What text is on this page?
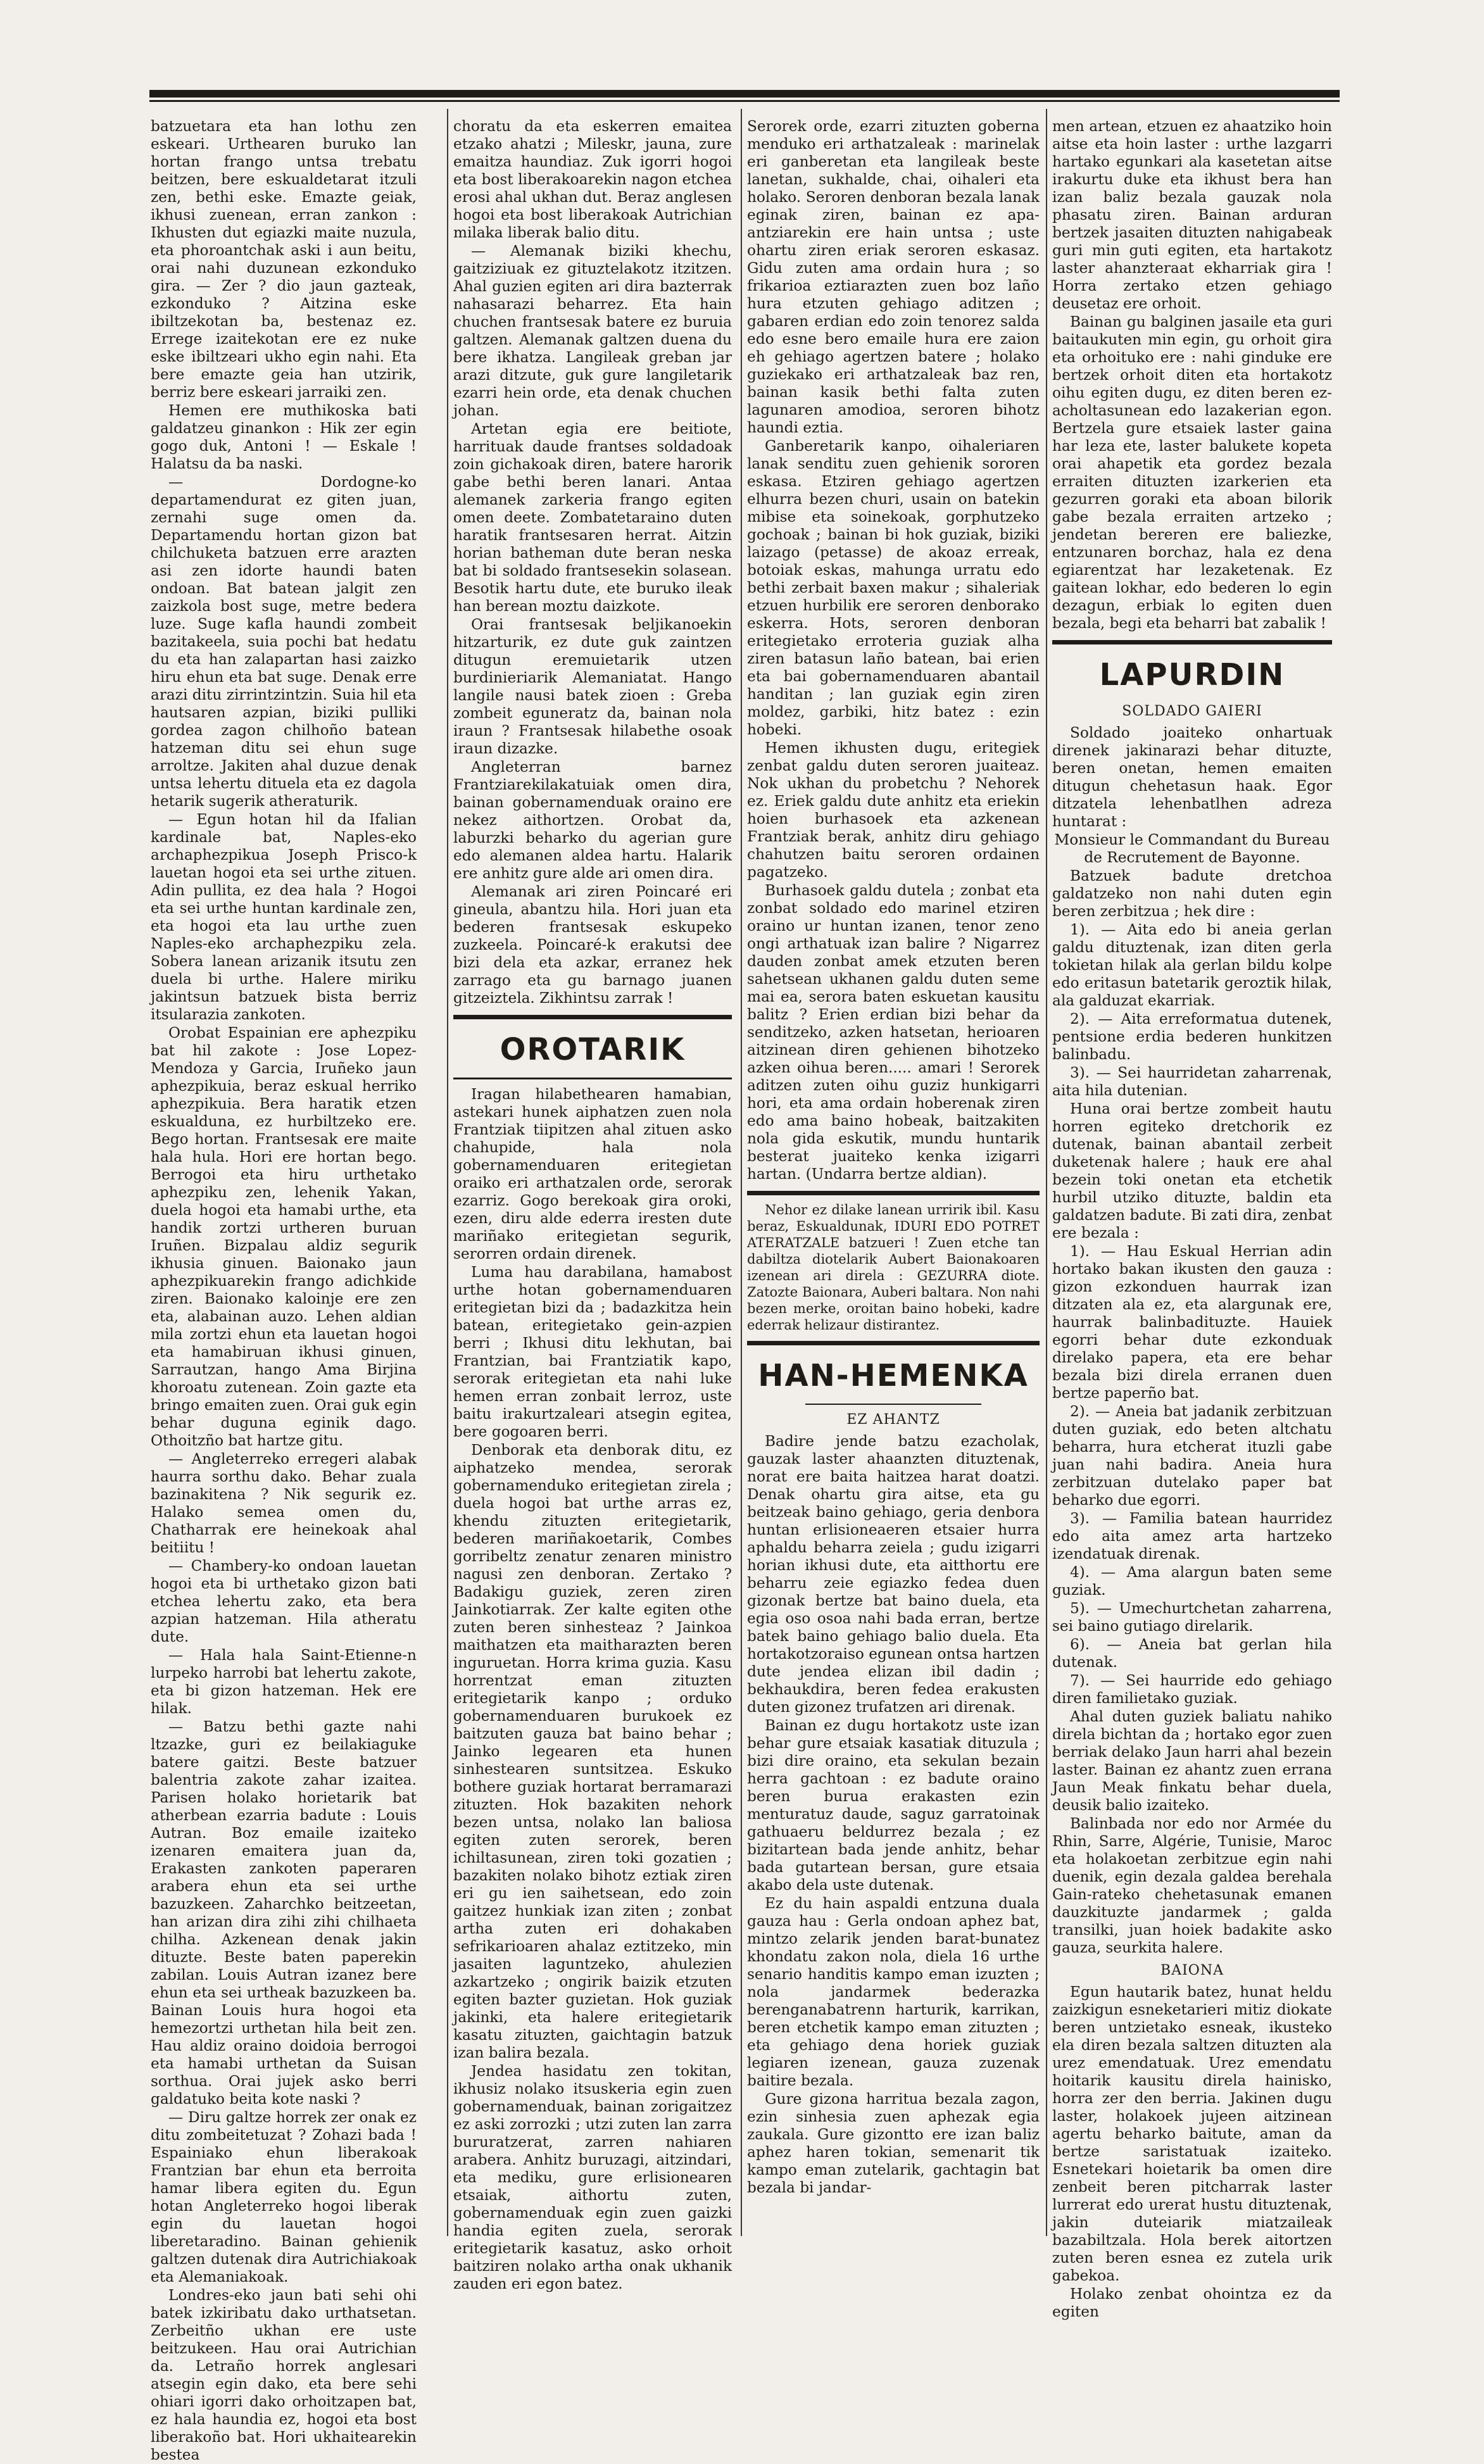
batzuetara eta han lothu zen eskeari. Urthearen buruko lan hortan frango untsa trebatu beitzen, bere eskualdetarat itzuli zen, bethi eske. Emazte geiak, ikhusi zuenean, erran zankon : Ikhusten dut egiazki maite nuzula, eta phoroantchak aski i aun beitu, orai nahi duzunean ezkonduko gira. — Zer ? dio jaun gazteak, ezkonduko ? Aitzina eske ibiltzekotan ba, bestenaz ez. Errege izaitekotan ere ez nuke eske ibiltzeari ukho egin nahi. Eta bere emazte geia han utzirik, berriz bere eskeari jarraiki zen.

Hemen ere muthikoska bati galdatzeu ginankon : Hik zer egin gogo duk, Antoni ! — Eskale ! Halatsu da ba naski.

— Dordogne-ko departamendurat ez giten juan, zernahi suge omen da. Departamendu hortan gizon bat chilchuketa batzuen erre arazten asi zen idorte haundi baten ondoan. Bat batean jalgit zen zaizkola bost suge, metre bedera luze. Suge kafla haundi zombeit bazitakeela, suia pochi bat hedatu du eta han zalapartan hasi zaizko hiru ehun eta bat suge. Denak erre arazi ditu zirrintzintzin. Suia hil eta hautsaren azpian, biziki pulliki gordea zagon chilhoño batean hatzeman ditu sei ehun suge arroltze. Jakiten ahal duzue denak untsa lehertu dituela eta ez dagola hetarik sugerik atheraturik.

— Egun hotan hil da Ifalian kardinale bat, Naples-eko archaphezpikua Joseph Prisco-k lauetan hogoi eta sei urthe zituen. Adin pullita, ez dea hala ? Hogoi eta sei urthe huntan kardinale zen, eta hogoi eta lau urthe zuen Naples-eko archaphezpiku zela. Sobera lanean arizanik itsutu zen duela bi urthe. Halere miriku jakintsun batzuek bista berriz itsularazia zankoten.

Orobat Espainian ere aphezpiku bat hil zakote : Jose Lopez-Mendoza y Garcia, Iruñeko jaun aphezpikuia, beraz eskual herriko aphezpikuia. Bera haratik etzen eskualduna, ez hurbiltzeko ere. Bego hortan. Frantsesak ere maite hala hula. Hori ere hortan bego. Berrogoi eta hiru urthetako aphezpiku zen, lehenik Yakan, duela hogoi eta hamabi urthe, eta handik zortzi urtheren buruan Iruñen. Bizpalau aldiz segurik ikhusia ginuen. Baionako jaun aphezpikuarekin frango adichkide ziren. Baionako kaloinje ere zen eta, alabainan auzo. Lehen aldian mila zortzi ehun eta lauetan hogoi eta hamabiruan ikhusi ginuen, Sarrautzan, hango Ama Birjina khoroatu zutenean. Zoin gazte eta bringo emaiten zuen. Orai guk egin behar duguna eginik dago. Othoitzño bat hartze gitu.

— Angleterreko erregeri alabak haurra sorthu dako. Behar zuala bazinakitena ? Nik segurik ez. Halako semea omen du, Chatharrak ere heinekoak ahal beitiitu !

— Chambery-ko ondoan lauetan hogoi eta bi urthetako gizon bati etchea lehertu zako, eta bera azpian hatzeman. Hila atheratu dute.

— Hala hala Saint-Etienne-n lurpeko harrobi bat lehertu zakote, eta bi gizon hatzeman. Hek ere hilak.

— Batzu bethi gazte nahi ltzazke, guri ez beilakiaguke batere gaitzi. Beste batzuer balentria zakote zahar izaitea. Parisen holako horietarik bat atherbean ezarria badute : Louis Autran. Boz emaile izaiteko izenaren emaitera juan da, Erakasten zankoten paperaren arabera ehun eta sei urthe bazuzkeen. Zaharchko beitzeetan, han arizan dira zihi zihi chilhaeta chilha. Azkenean denak jakin dituzte. Beste baten paperekin zabilan. Louis Autran izanez bere ehun eta sei urtheak bazuzkeen ba. Bainan Louis hura hogoi eta hemezortzi urthetan hila beit zen. Hau aldiz oraino doidoia berrogoi eta hamabi urthetan da Suisan sorthua. Orai jujek asko berri galdatuko beita kote naski ?

— Diru galtze horrek zer onak ez ditu zombeitetuzat ? Zohazi bada ! Espainiako ehun liberakoak Frantzian bar ehun eta berroita hamar libera egiten du. Egun hotan Angleterreko hogoi liberak egin du lauetan hogoi liberetaradino. Bainan gehienik galtzen dutenak dira Autrichiakoak eta Alemaniakoak.

Londres-eko jaun bati sehi ohi batek izkiribatu dako urthatsetan. Zerbeitño ukhan ere uste beitzukeen. Hau orai Autrichian da. Letraño horrek anglesari atsegin egin dako, eta bere sehi ohiari igorri dako orhoitzapen bat, ez hala haundia ez, hogoi eta bost liberakoño bat. Hori ukhaitearekin bestea

choratu da eta eskerren emaitea etzako ahatzi ; Mileskr, jauna, zure emaitza haundiaz. Zuk igorri hogoi eta bost liberakoarekin nagon etchea erosi ahal ukhan dut. Beraz anglesen hogoi eta bost liberakoak Autrichian milaka liberak balio ditu.

— Alemanak biziki khechu, gaitziziuak ez gituztelakotz itzitzen. Ahal guzien egiten ari dira bazterrak nahasarazi beharrez. Eta hain chuchen frantsesak batere ez buruia galtzen. Alemanak galtzen duena du bere ikhatza. Langileak greban jar arazi ditzute, guk gure langiletarik ezarri hein orde, eta denak chuchen johan.

Artetan egia ere beitiote, harrituak daude frantses soldadoak zoin gichakoak diren, batere harorik gabe bethi beren lanari. Antaa alemanek zarkeria frango egiten omen deete. Zombatetaraino duten haratik frantsesaren herrat. Aitzin horian batheman dute beran neska bat bi soldado frantsesekin solasean. Besotik hartu dute, ete buruko ileak han berean moztu daizkote.

Orai frantsesak beljikanoekin hitzarturik, ez dute guk zaintzen ditugun eremuietarik utzen burdinieriarik Alemaniatat. Hango langile nausi batek zioen : Greba zombeit eguneratz da, bainan nola iraun ? Frantsesak hilabethe osoak iraun dizazke.

Angleterran barnez Frantziarekilakatuiak omen dira, bainan gobernamenduak oraino ere nekez aithortzen. Orobat da, laburzki beharko du agerian gure edo alemanen aldea hartu. Halarik ere anhitz gure alde ari omen dira.

Alemanak ari ziren Poincaré eri gineula, abantzu hila. Hori juan eta bederen frantsesak eskupeko zuzkeela. Poincaré-k erakutsi dee bizi dela eta azkar, erranez hek zarrago eta gu barnago juanen gitzeiztela. Zikhintsu zarrak !

OROTARIK

Iragan hilabethearen hamabian, astekari hunek aiphatzen zuen nola Frantziak tiipitzen ahal zituen asko chahupide, hala nola gobernamenduaren eritegietan oraiko eri arthatzalen orde, serorak ezarriz. Gogo berekoak gira oroki, ezen, diru alde ederra iresten dute mariñako eritegietan segurik, serorren ordain direnek.

Luma hau darabilana, hamabost urthe hotan gobernamenduaren eritegietan bizi da ; badazkitza hein batean, eritegietako gein-azpien berri ; Ikhusi ditu lekhutan, bai Frantzian, bai Frantziatik kapo, serorak eritegietan eta nahi luke hemen erran zonbait lerroz, uste baitu irakurtzaleari atsegin egitea, bere gogoaren berri.

Denborak eta denborak ditu, ez aiphatzeko mendea, serorak gobernamenduko eritegietan zirela ; duela hogoi bat urthe arras ez, khendu zituzten eritegietarik, bederen mariñakoetarik, Combes gorribeltz zenatur zenaren ministro nagusi zen denboran. Zertako ? Badakigu guziek, zeren ziren Jainkotiarrak. Zer kalte egiten othe zuten beren sinhesteaz ? Jainkoa maithatzen eta maitharazten beren inguruetan. Horra krima guzia. Kasu horrentzat eman zituzten eritegietarik kanpo ; orduko gobernamenduaren burukoek ez baitzuten gauza bat baino behar ; Jainko legearen eta hunen sinhestearen suntsitzea. Eskuko bothere guziak hortarat berramarazi zituzten. Hok bazakiten nehork bezen untsa, nolako lan baliosa egiten zuten serorek, beren ichiltasunean, ziren toki gozatien ; bazakiten nolako bihotz eztiak ziren eri gu ien saihetsean, edo zoin gaitzez hunkiak izan ziten ; zonbat artha zuten eri dohakaben sefrikarioaren ahalaz eztitzeko, min jasaiten laguntzeko, ahulezien azkartzeko ; ongirik baizik etzuten egiten bazter guzietan. Hok guziak jakinki, eta halere eritegietarik kasatu zituzten, gaichtagin batzuk izan balira bezala.

Jendea hasidatu zen tokitan, ikhusiz nolako itsuskeria egin zuen gobernamenduak, bainan zorigaitzez ez aski zorrozki ; utzi zuten lan zarra bururatzerat, zarren nahiaren arabera. Anhitz buruzagi, aitzindari, eta mediku, gure erlisionearen etsaiak, aithortu zuten, gobernamenduak egin zuen gaizki handia egiten zuela, serorak eritegietarik kasatuz, asko orhoit baitziren nolako artha onak ukhanik zauden eri egon batez.

Serorek orde, ezarri zituzten goberna menduko eri arthatzaleak : marinelak eri ganberetan eta langileak beste lanetan, sukhalde, chai, oihaleri eta holako. Seroren denboran bezala lanak eginak ziren, bainan ez apa-antziarekin ere hain untsa ; uste ohartu ziren eriak seroren eskasaz. Gidu zuten ama ordain hura ; so frikarioa eztiarazten zuen boz laño hura etzuten gehiago aditzen ; gabaren erdian edo zoin tenorez salda edo esne bero emaile hura ere zaion eh gehiago agertzen batere ; holako guziekako eri arthatzaleak baz ren, bainan kasik bethi falta zuten lagunaren amodioa, seroren bihotz haundi eztia.

Ganberetarik kanpo, oihaleriaren lanak senditu zuen gehienik sororen eskasa. Etziren gehiago agertzen elhurra bezen churi, usain on batekin mibise eta soinekoak, gorphutzeko gochoak ; bainan bi hok guziak, biziki laizago (petasse) de akoaz erreak, botoiak eskas, mahunga urratu edo bethi zerbait baxen makur ; sihaleriak etzuen hurbilik ere seroren denborako eskerra. Hots, seroren denboran eritegietako erroteria guziak alha ziren batasun laño batean, bai erien eta bai gobernamenduaren abantail handitan ; lan guziak egin ziren moldez, garbiki, hitz batez : ezin hobeki.

Hemen ikhusten dugu, eritegiek zenbat galdu duten seroren juaiteaz. Nok ukhan du probetchu ? Nehorek ez. Eriek galdu dute anhitz eta eriekin hoien burhasoek eta azkenean Frantziak berak, anhitz diru gehiago chahutzen baitu seroren ordainen pagatzeko.

Burhasoek galdu dutela ; zonbat eta zonbat soldado edo marinel etziren oraino ur huntan izanen, tenor zeno ongi arthatuak izan balire ? Nigarrez dauden zonbat amek etzuten beren sahetsean ukhanen galdu duten seme mai ea, serora baten eskuetan kausitu balitz ? Erien erdian bizi behar da senditzeko, azken hatsetan, herioaren aitzinean diren gehienen bihotzeko azken oihua beren..... amari ! Serorek aditzen zuten oihu guziz hunkigarri hori, eta ama ordain hoberenak ziren edo ama baino hobeak, baitzakiten nola gida eskutik, mundu huntarik besterat juaiteko kenka izigarri hartan. (Undarra bertze aldian).

Nehor ez dilake lanean urririk ibil. Kasu beraz, Eskualdunak, IDURI EDO POTRET ATERATZALE batzueri ! Zuen etche tan dabiltza diotelarik Aubert Baionakoaren izenean ari direla : GEZURRA diote. Zatozte Baionara, Auberi baltara. Non nahi bezen merke, oroitan baino hobeki, kadre ederrak helizaur distirantez.

HAN-HEMENKA
EZ AHANTZ

Badire jende batzu ezacholak, gauzak laster ahaanzten dituztenak, norat ere baita haitzea harat doatzi. Denak ohartu gira aitse, eta gu beitzeak baino gehiago, geria denbora huntan erlisioneaeren etsaier hurra aphaldu beharra zeiela ; gudu izigarri horian ikhusi dute, eta aitthortu ere beharru zeie egiazko fedea duen gizonak bertze bat baino duela, eta egia oso osoa nahi bada erran, bertze batek baino gehiago balio duela. Eta hortakotzoraiso egunean ontsa hartzen dute jendea elizan ibil dadin ; bekhaukdira, beren fedea erakusten duten gizonez trufatzen ari direnak.

Bainan ez dugu hortakotz uste izan behar gure etsaiak kasatiak dituzula ; bizi dire oraino, eta sekulan bezain herra gachtoan : ez badute oraino beren burua erakasten ezin menturatuz daude, saguz garratoinak gathuaeru beldurrez bezala ; ez bizitartean bada jende anhitz, behar bada gutartean bersan, gure etsaia akabo dela uste dutenak.

Ez du hain aspaldi entzuna duala gauza hau : Gerla ondoan aphez bat, mintzo zelarik jenden barat-bunatez khondatu zakon nola, diela 16 urthe senario handitis kampo eman izuzten ; nola jandarmek bederazka berenganabatrenn harturik, karrikan, beren etchetik kampo eman zituzten ; eta gehiago dena horiek guziak legiaren izenean, gauza zuzenak baitire bezala.

Gure gizona harritua bezala zagon, ezin sinhesia zuen aphezak egia zaukala. Gure gizontto ere izan baliz aphez haren tokian, semenarit tik kampo eman zutelarik, gachtagin bat bezala bi jandar-

men artean, etzuen ez ahaatziko hoin aitse eta hoin laster : urthe lazgarri hartako egunkari ala kasetetan aitse irakurtu duke eta ikhust bera han izan baliz bezala gauzak nola phasatu ziren. Bainan arduran bertzek jasaiten dituzten nahigabeak guri min guti egiten, eta hartakotz laster ahanzteraat ekharriak gira ! Horra zertako etzen gehiago deusetaz ere orhoit.

Bainan gu balginen jasaile eta guri baitaukuten min egin, gu orhoit gira eta orhoituko ere : nahi ginduke ere bertzek orhoit diten eta hortakotz oihu egiten dugu, ez diten beren ez-acholtasunean edo lazakerian egon. Bertzela gure etsaiek laster gaina har leza ete, laster balukete kopeta orai ahapetik eta gordez bezala erraiten dituzten izarkerien eta gezurren goraki eta aboan bilorik gabe bezala erraiten artzeko ; jendetan bereren ere baliezke, entzunaren borchaz, hala ez dena egiarentzat har lezaketenak. Ez gaitean lokhar, edo bederen lo egin dezagun, erbiak lo egiten duen bezala, begi eta beharri bat zabalik !

LAPURDIN
SOLDADO GAIERI

Soldado joaiteko onhartuak direnek jakinarazi behar dituzte, beren onetan, hemen emaiten ditugun chehetasun haak. Egor ditzatela lehenbatlhen adreza huntarat :

Monsieur le Commandant du Bureau de Recrutement de Bayonne.

Batzuek badute dretchoa galdatzeko non nahi duten egin beren zerbitzua ; hek dire :

1). — Aita edo bi aneia gerlan galdu dituztenak, izan diten gerla tokietan hilak ala gerlan bildu kolpe edo eritasun batetarik geroztik hilak, ala galduzat ekarriak.

2). — Aita erreformatua dutenek, pentsione erdia bederen hunkitzen balinbadu.

3). — Sei haurridetan zaharrenak, aita hila dutenian.

Huna orai bertze zombeit hautu horren egiteko dretchorik ez dutenak, bainan abantail zerbeit duketenak halere ; hauk ere ahal bezein toki onetan eta etchetik hurbil utziko dituzte, baldin eta galdatzen badute. Bi zati dira, zenbat ere bezala :

1). — Hau Eskual Herrian adin hortako bakan ikusten den gauza : gizon ezkonduen haurrak izan ditzaten ala ez, eta alargunak ere, haurrak balinbadituzte. Hauiek egorri behar dute ezkonduak direlako papera, eta ere behar bezala bizi direla erranen duen bertze paperño bat.

2). — Aneia bat jadanik zerbitzuan duten guziak, edo beten altchatu beharra, hura etcherat ituzli gabe juan nahi badira. Aneia hura zerbitzuan dutelako paper bat beharko due egorri.

3). — Familia batean haurridez edo aita amez arta hartzeko izendatuak direnak.

4). — Ama alargun baten seme guziak.

5). — Umechurtchetan zaharrena, sei baino gutiago direlarik.

6). — Aneia bat gerlan hila dutenak.

7). — Sei haurride edo gehiago diren familietako guziak.

Ahal duten guziek baliatu nahiko direla bichtan da ; hortako egor zuen berriak delako Jaun harri ahal bezein laster. Bainan ez ahantz zuen errana Jaun Meak finkatu behar duela, deusik balio izaiteko.

Balinbada nor edo nor Armée du Rhin, Sarre, Algérie, Tunisie, Maroc eta holakoetan zerbitzue egin nahi duenik, egin dezala galdea berehala Gain-rateko chehetasunak emanen dauzkituzte jandarmek ; galda transilki, juan hoiek badakite asko gauza, seurkita halere.

BAIONA

Egun hautarik batez, hunat heldu zaizkigun esneketarieri mitiz diokate beren untzietako esneak, ikusteko ela diren bezala saltzen dituzten ala urez emendatuak. Urez emendatu hoitarik kausitu direla hainisko, horra zer den berria. Jakinen dugu laster, holakoek jujeen aitzinean agertu beharko baitute, aman da bertze saristatuak izaiteko. Esnetekari hoietarik ba omen dire zenbeit beren pitcharrak laster lurrerat edo urerat hustu dituztenak, jakin duteiarik miatzaileak bazabiltzala. Hola berek aitortzen zuten beren esnea ez zutela urik gabekoa.

Holako zenbat ohointza ez da egiten
